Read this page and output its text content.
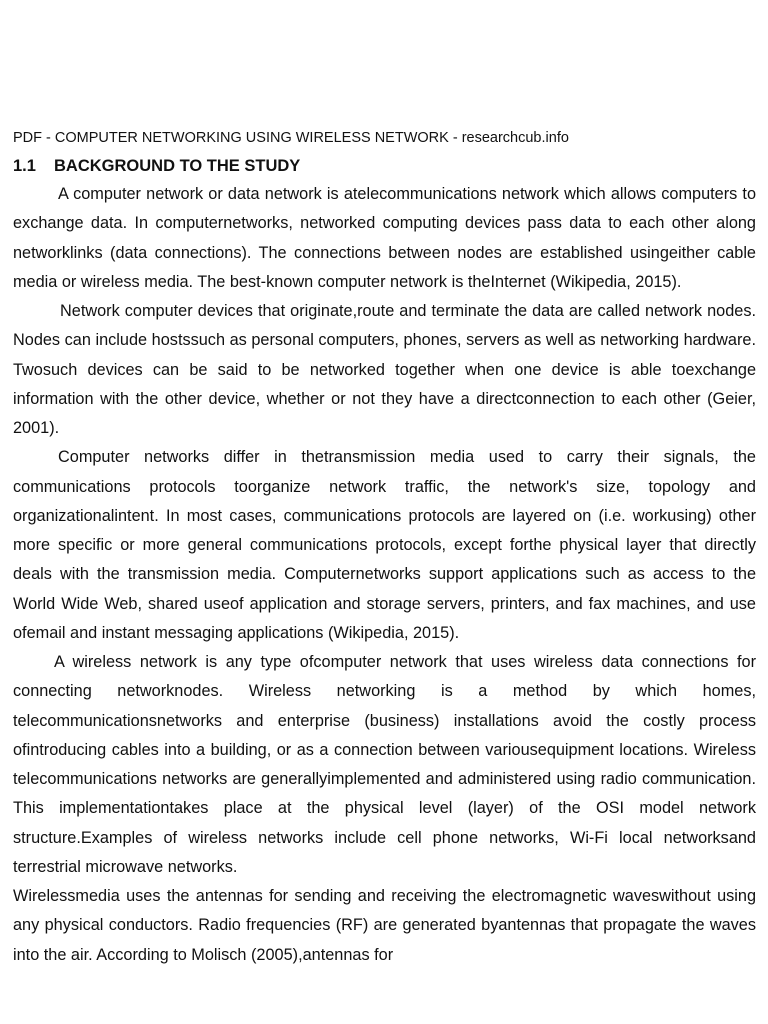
PDF - COMPUTER NETWORKING USING WIRELESS NETWORK - researchcub.info
1.1 BACKGROUND TO THE STUDY

A computer network or data network is atelecommunications network which allows computers to exchange data. In computernetworks, networked computing devices pass data to each other along networklinks (data connections). The connections between nodes are established usingeither cable media or wireless media. The best-known computer network is theInternet (Wikipedia, 2015).

Network computer devices that originate,route and terminate the data are called network nodes. Nodes can include hostssuch as personal computers, phones, servers as well as networking hardware. Twosuch devices can be said to be networked together when one device is able toexchange information with the other device, whether or not they have a directconnection to each other (Geier, 2001).

Computer networks differ in thetransmission media used to carry their signals, the communications protocols toorganize network traffic, the network's size, topology and organizationalintent. In most cases, communications protocols are layered on (i.e. workusing) other more specific or more general communications protocols, except forthe physical layer that directly deals with the transmission media. Computernetworks support applications such as access to the World Wide Web, shared useof application and storage servers, printers, and fax machines, and use ofemail and instant messaging applications (Wikipedia, 2015).

A wireless network is any type ofcomputer network that uses wireless data connections for connecting networknodes. Wireless networking is a method by which homes, telecommunicationsnetworks and enterprise (business) installations avoid the costly process ofintroducing cables into a building, or as a connection between variousequipment locations. Wireless telecommunications networks are generallyimplemented and administered using radio communication. This implementationtakes place at the physical level (layer) of the OSI model network structure.Examples of wireless networks include cell phone networks, Wi-Fi local networksand terrestrial microwave networks.

Wirelessmedia uses the antennas for sending and receiving the electromagnetic waveswithout using any physical conductors. Radio frequencies (RF) are generated byantennas that propagate the waves into the air. According to Molisch (2005),antennas for
